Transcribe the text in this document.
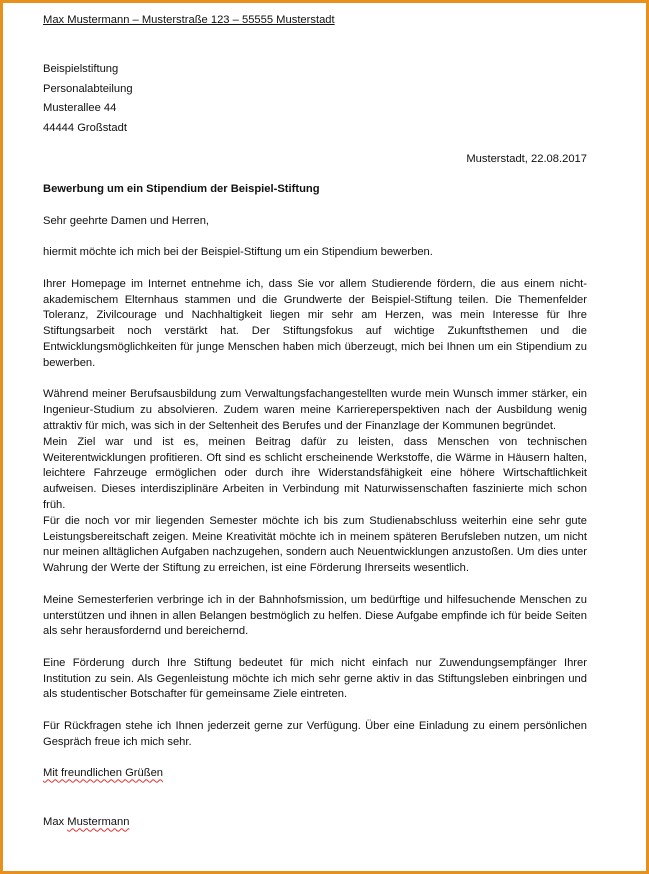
Max Mustermann – Musterstraße 123 – 55555 Musterstadt
Beispielstiftung
Personalabteilung
Musterallee 44
44444 Großstadt
Musterstadt, 22.08.2017
Bewerbung um ein Stipendium der Beispiel-Stiftung
Sehr geehrte Damen und Herren,
hiermit möchte ich mich bei der Beispiel-Stiftung um ein Stipendium bewerben.
Ihrer Homepage im Internet entnehme ich, dass Sie vor allem Studierende fördern, die aus einem nicht-akademischem Elternhaus stammen und die Grundwerte der Beispiel-Stiftung teilen. Die Themenfelder Toleranz, Zivilcourage und Nachhaltigkeit liegen mir sehr am Herzen, was mein Interesse für Ihre Stiftungsarbeit noch verstärkt hat. Der Stiftungsfokus auf wichtige Zukunftsthemen und die Entwicklungsmöglichkeiten für junge Menschen haben mich überzeugt, mich bei Ihnen um ein Stipendium zu bewerben.
Während meiner Berufsausbildung zum Verwaltungsfachangestellten wurde mein Wunsch immer stärker, ein Ingenieur-Studium zu absolvieren. Zudem waren meine Karriereperspektiven nach der Ausbildung wenig attraktiv für mich, was sich in der Seltenheit des Berufes und der Finanzlage der Kommunen begründet.
Mein Ziel war und ist es, meinen Beitrag dafür zu leisten, dass Menschen von technischen Weiterentwicklungen profitieren. Oft sind es schlicht erscheinende Werkstoffe, die Wärme in Häusern halten, leichtere Fahrzeuge ermöglichen oder durch ihre Widerstandsfähigkeit eine höhere Wirtschaftlichkeit aufweisen. Dieses interdisziplinäre Arbeiten in Verbindung mit Naturwissenschaften faszinierte mich schon früh.
Für die noch vor mir liegenden Semester möchte ich bis zum Studienabschluss weiterhin eine sehr gute Leistungsbereitschaft zeigen. Meine Kreativität möchte ich in meinem späteren Berufsleben nutzen, um nicht nur meinen alltäglichen Aufgaben nachzugehen, sondern auch Neuentwicklungen anzustoßen. Um dies unter Wahrung der Werte der Stiftung zu erreichen, ist eine Förderung Ihrerseits wesentlich.
Meine Semesterferien verbringe ich in der Bahnhofsmission, um bedürftige und hilfesuchende Menschen zu unterstützen und ihnen in allen Belangen bestmöglich zu helfen. Diese Aufgabe empfinde ich für beide Seiten als sehr herausfordernd und bereichernd.
Eine Förderung durch Ihre Stiftung bedeutet für mich nicht einfach nur Zuwendungsempfänger Ihrer Institution zu sein. Als Gegenleistung möchte ich mich sehr gerne aktiv in das Stiftungsleben einbringen und als studentischer Botschafter für gemeinsame Ziele eintreten.
Für Rückfragen stehe ich Ihnen jederzeit gerne zur Verfügung. Über eine Einladung zu einem persönlichen Gespräch freue ich mich sehr.
Mit freundlichen Grüßen
Max Mustermann
